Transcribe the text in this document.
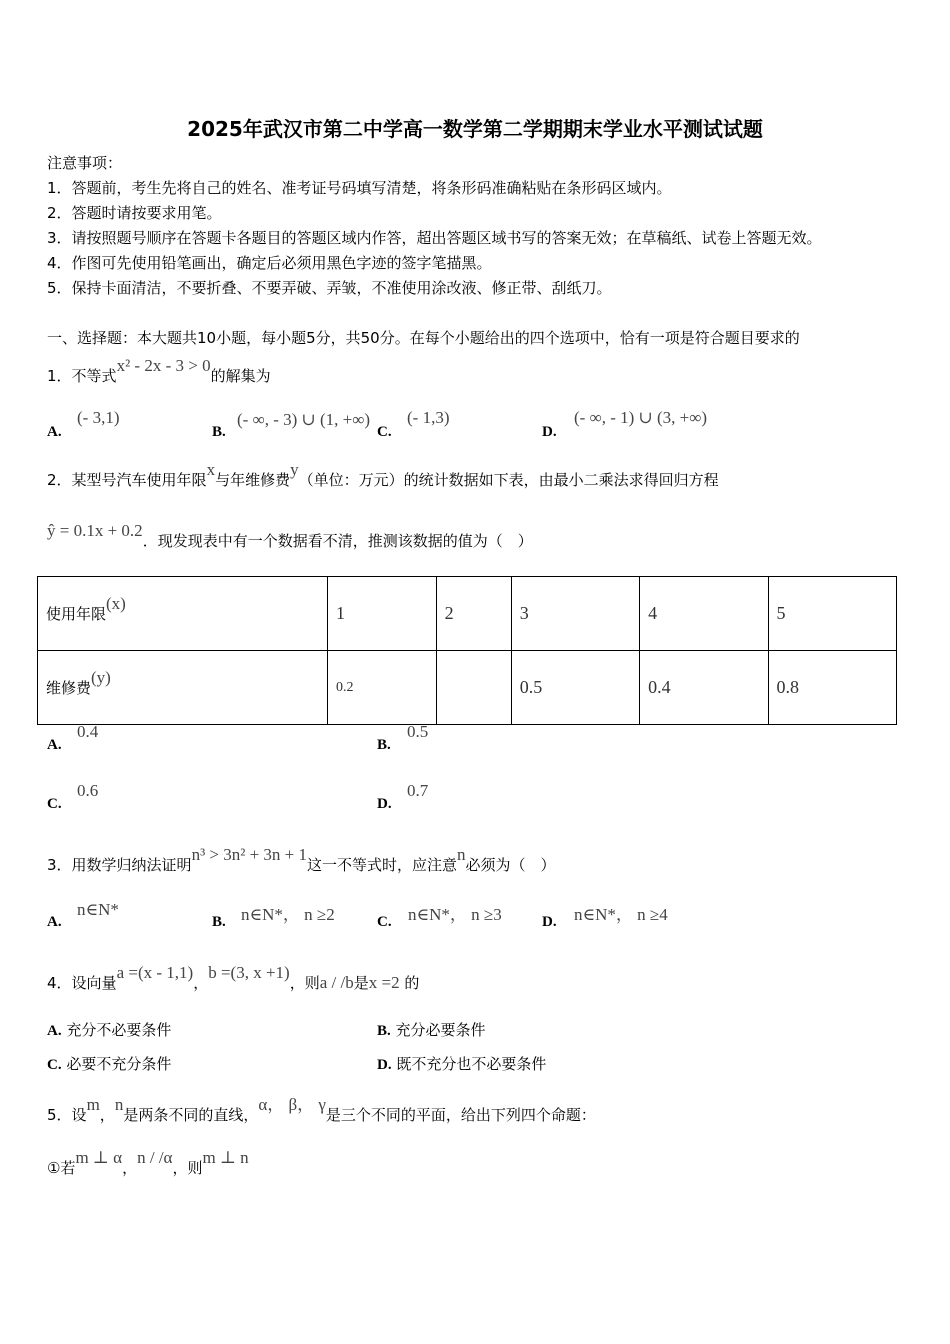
2025年武汉市第二中学高一数学第二学期期末学业水平测试试题
注意事项：
1．答题前，考生先将自己的姓名、准考证号码填写清楚，将条形码准确粘贴在条形码区域内。
2．答题时请按要求用笔。
3．请按照题号顺序在答题卡各题目的答题区域内作答，超出答题区域书写的答案无效；在草稿纸、试卷上答题无效。
4．作图可先使用铅笔画出，确定后必须用黑色字迹的签字笔描黑。
5．保持卡面清洁，不要折叠、不要弄破、弄皱，不准使用涂改液、修正带、刮纸刀。
一、选择题：本大题共10小题，每小题5分，共50分。在每个小题给出的四个选项中，恰有一项是符合题目要求的
1．不等式x² - 2x - 3 > 0的解集为
A.
(- 3,1)
B.
(- ∞, - 3) ∪ (1, +∞)
C.
(- 1,3)
D.
(- ∞, - 1) ∪ (3, +∞)
2．某型号汽车使用年限x与年维修费y（单位：万元）的统计数据如下表，由最小二乘法求得回归方程
ŷ = 0.1x + 0.2．现发现表中有一个数据看不清，推测该数据的值为（　）
使用年限(x)	1	2	3	4	5
维修费(y)	0.2		0.5	0.4	0.8
A.
0.4
B.
0.5
C.
0.6
D.
0.7
3．用数学归纳法证明n³ > 3n² + 3n + 1这一不等式时，应注意n必须为（　）
A.
n∈N*
B. n∈N*， n ≥2	C. n∈N*， n ≥3	D. n∈N*， n ≥4
4．设向量a =(x - 1,1)，b =(3, x +1)，则a / /b是x =2 的
A. 充分不必要条件	B. 充分必要条件
C. 必要不充分条件	D. 既不充分也不必要条件
5．设m，n是两条不同的直线，α， β， γ是三个不同的平面，给出下列四个命题：
①若m ⊥ α，n / /α，则m ⊥ n
